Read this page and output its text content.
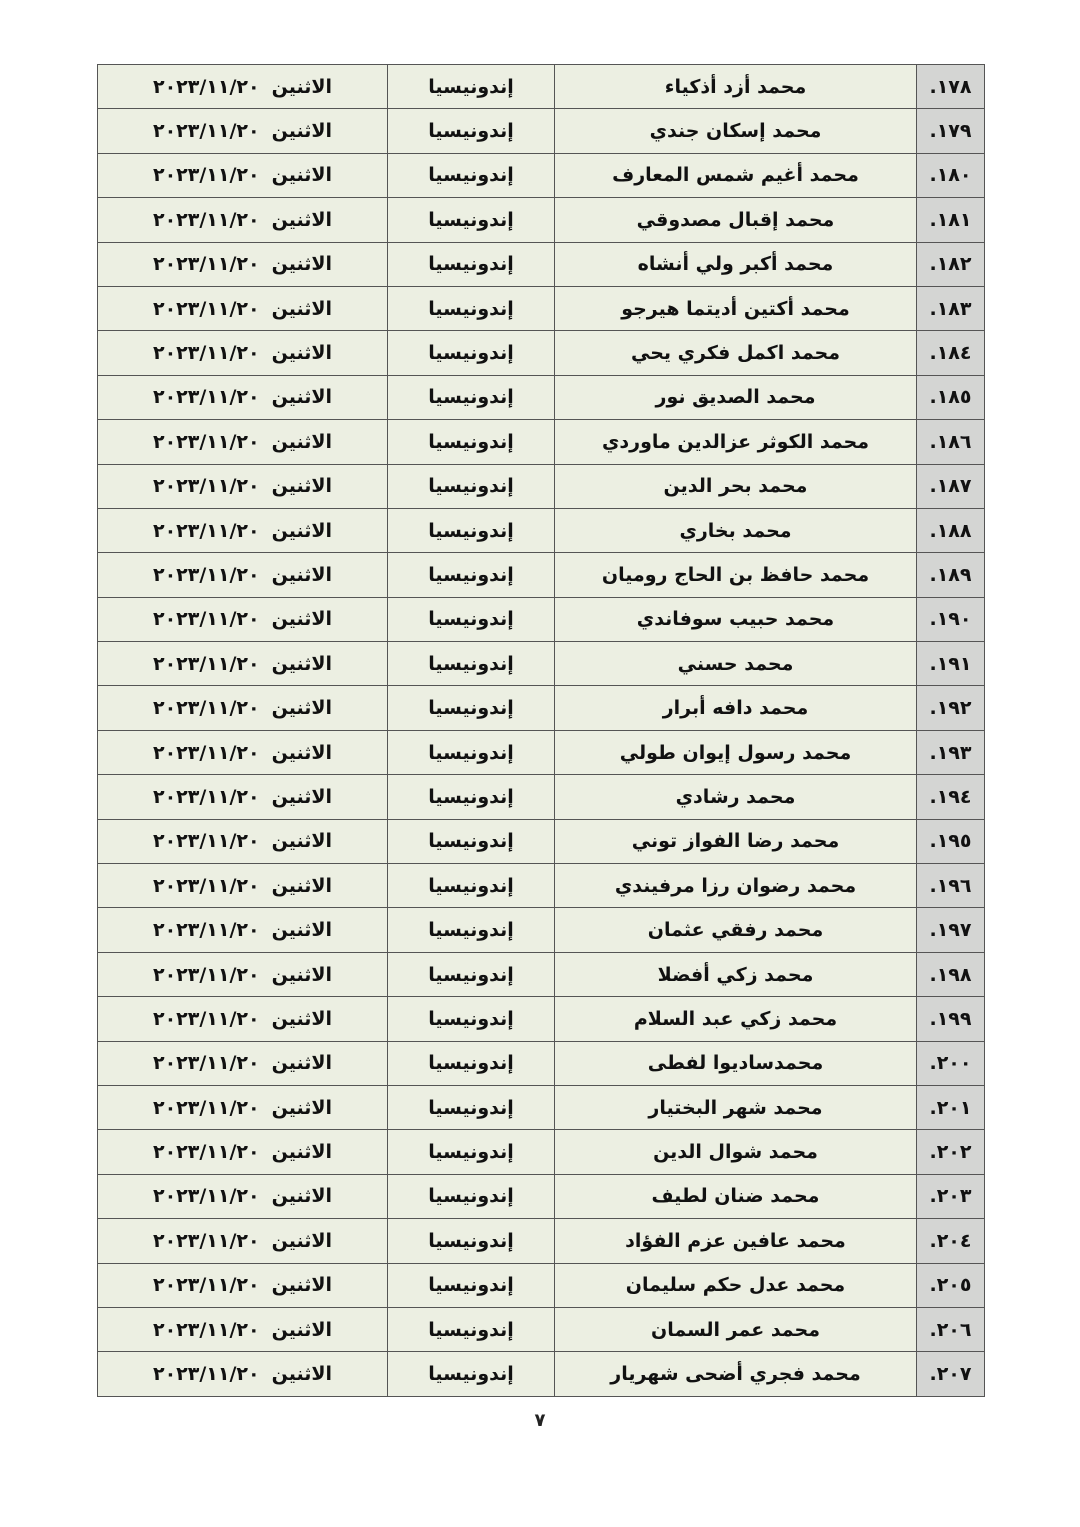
١٧٨.	محمد أزد أذكياء	إندونيسيا	الاثنين٢٠٢٣/١١/٢٠
١٧٩.	محمد إسكان جندي	إندونيسيا	الاثنين٢٠٢٣/١١/٢٠
١٨٠.	محمد أغيم شمس المعارف	إندونيسيا	الاثنين٢٠٢٣/١١/٢٠
١٨١.	محمد إقبال مصدوقي	إندونيسيا	الاثنين٢٠٢٣/١١/٢٠
١٨٢.	محمد أكبر ولي أنشاه	إندونيسيا	الاثنين٢٠٢٣/١١/٢٠
١٨٣.	محمد أكتين أديتما هيرجو	إندونيسيا	الاثنين٢٠٢٣/١١/٢٠
١٨٤.	محمد اكمل فكري يحي	إندونيسيا	الاثنين٢٠٢٣/١١/٢٠
١٨٥.	محمد الصديق نور	إندونيسيا	الاثنين٢٠٢٣/١١/٢٠
١٨٦.	محمد الكوثر عزالدين ماوردي	إندونيسيا	الاثنين٢٠٢٣/١١/٢٠
١٨٧.	محمد بحر الدين	إندونيسيا	الاثنين٢٠٢٣/١١/٢٠
١٨٨.	محمد بخاري	إندونيسيا	الاثنين٢٠٢٣/١١/٢٠
١٨٩.	محمد حافظ بن الحاج روميان	إندونيسيا	الاثنين٢٠٢٣/١١/٢٠
١٩٠.	محمد حبيب سوفاندي	إندونيسيا	الاثنين٢٠٢٣/١١/٢٠
١٩١.	محمد حسني	إندونيسيا	الاثنين٢٠٢٣/١١/٢٠
١٩٢.	محمد دافه أبرار	إندونيسيا	الاثنين٢٠٢٣/١١/٢٠
١٩٣.	محمد رسول إيوان طولي	إندونيسيا	الاثنين٢٠٢٣/١١/٢٠
١٩٤.	محمد رشادي	إندونيسيا	الاثنين٢٠٢٣/١١/٢٠
١٩٥.	محمد رضا الفواز توني	إندونيسيا	الاثنين٢٠٢٣/١١/٢٠
١٩٦.	محمد رضوان رزا مرفيندي	إندونيسيا	الاثنين٢٠٢٣/١١/٢٠
١٩٧.	محمد رفقي عثمان	إندونيسيا	الاثنين٢٠٢٣/١١/٢٠
١٩٨.	محمد زكي أفضلا	إندونيسيا	الاثنين٢٠٢٣/١١/٢٠
١٩٩.	محمد زكي عبد السلام	إندونيسيا	الاثنين٢٠٢٣/١١/٢٠
٢٠٠.	محمدساديوا لفطى	إندونيسيا	الاثنين٢٠٢٣/١١/٢٠
٢٠١.	محمد شهر البختيار	إندونيسيا	الاثنين٢٠٢٣/١١/٢٠
٢٠٢.	محمد شوال الدين	إندونيسيا	الاثنين٢٠٢٣/١١/٢٠
٢٠٣.	محمد ضنان لطيف	إندونيسيا	الاثنين٢٠٢٣/١١/٢٠
٢٠٤.	محمد عافين عزم الفؤاد	إندونيسيا	الاثنين٢٠٢٣/١١/٢٠
٢٠٥.	محمد عدل حكم سليمان	إندونيسيا	الاثنين٢٠٢٣/١١/٢٠
٢٠٦.	محمد عمر السمان	إندونيسيا	الاثنين٢٠٢٣/١١/٢٠
٢٠٧.	محمد فجري أضحى شهريار	إندونيسيا	الاثنين٢٠٢٣/١١/٢٠
٧
